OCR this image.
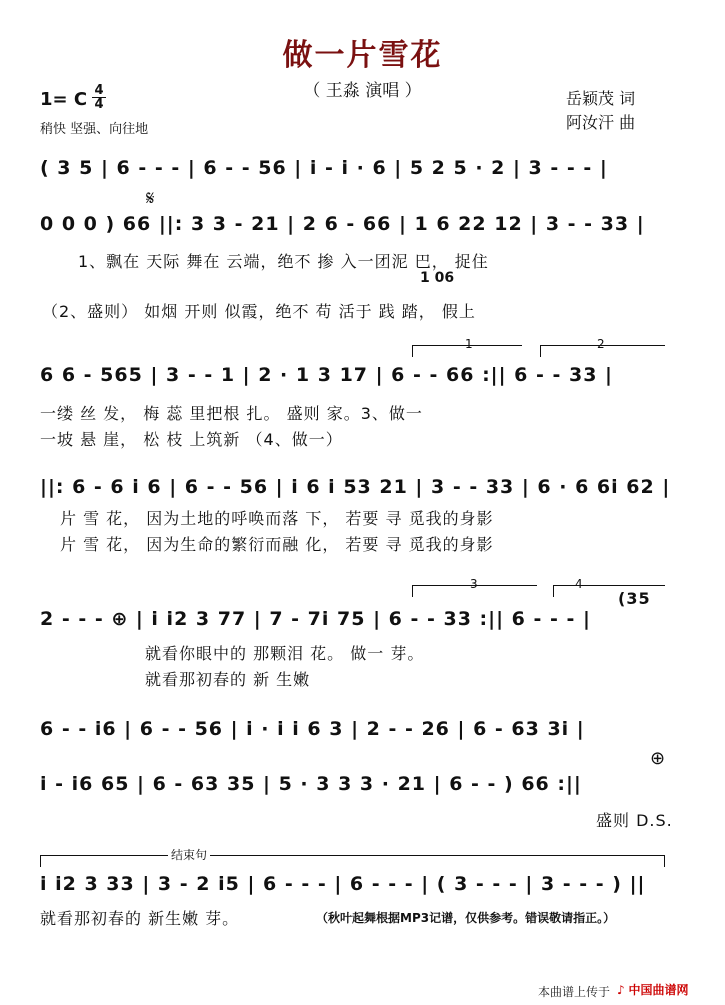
做一片雪花
（ 王淼 演唱 ）	岳颖茂 词
阿汝汗 曲
1= C 4
4
稍快 坚强、向往地
( 3 5 | 6 - - - | 6 - - 56 | i - i · 6 | 5 2 5 · 2 | 3 - - - |
𝄋
0 0 0 ) 66 ||: 3 3 - 21 | 2 6 - 66 | 1 6 22 12 | 3 - - 33 |
1、飘在 天际 舞在 云端，绝不 掺 入一团泥 巴， 捉住
1 06
（2、盛则） 如烟 开则 似霞，绝不 苟 活于 践 踏， 假上
1	2
6 6 - 565 | 3 - - 1 | 2 · 1 3 17 | 6 - - 66 :|| 6 - - 33 |
一缕 丝 发， 梅 蕊 里把根 扎。 盛则 家。3、做一
一坡 悬 崖， 松 枝 上筑新 （4、做一）
||: 6 - 6 i 6 | 6 - - 56 | i 6 i 53 21 | 3 - - 33 | 6 · 6 6i 62 |
片 雪 花， 因为土地的呼唤而落 下， 若要 寻 觅我的身影
片 雪 花， 因为生命的繁衍而融 化， 若要 寻 觅我的身影
3	4
(35
2 - - - ⊕ | i i2 3 77 | 7 - 7i 75 | 6 - - 33 :|| 6 - - - |
就看你眼中的 那颗泪 花。 做一 芽。
就看那初春的 新 生嫩
6 - - i6 | 6 - - 56 | i · i i 6 3 | 2 - - 26 | 6 - 63 3i |
⊕
i - i6 65 | 6 - 63 35 | 5 · 3 3 3 · 21 | 6 - - ) 66 :||
盛则 D.S.
结束句
i i2 3 33 | 3 - 2 i5 | 6 - - - | 6 - - - | ( 3 - - - | 3 - - - ) ||
就看那初春的 新生嫩 芽。	（秋叶起舞根据MP3记谱，仅供参考。错误敬请指正。）
本曲谱上传于 ♪ 中国曲谱网
